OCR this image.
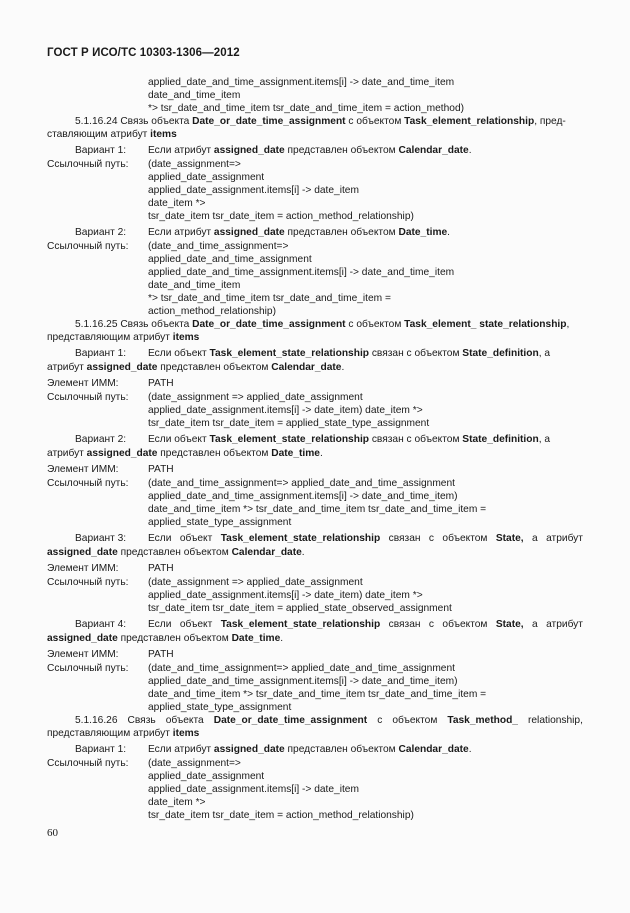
ГОСТ Р ИСО/ТС 10303-1306—2012
applied_date_and_time_assignment.items[i] -> date_and_time_item
date_and_time_item
*> tsr_date_and_time_item tsr_date_and_time_item = action_method)
5.1.16.24 Связь объекта Date_or_date_time_assignment с объектом Task_element_relationship, пред-
ставляющим атрибут items
Вариант 1: Если атрибут assigned_date представлен объектом Calendar_date.
Ссылочный путь: (date_assignment=>
applied_date_assignment
applied_date_assignment.items[i] -> date_item
date_item *>
tsr_date_item tsr_date_item = action_method_relationship)
Вариант 2: Если атрибут assigned_date представлен объектом Date_time.
Ссылочный путь: (date_and_time_assignment=>
applied_date_and_time_assignment
applied_date_and_time_assignment.items[i] -> date_and_time_item
date_and_time_item
*> tsr_date_and_time_item tsr_date_and_time_item =
action_method_relationship)
5.1.16.25 Связь объекта Date_or_date_time_assignment с объектом Task_element_ state_relationship,
представляющим атрибут items
Вариант 1: Если объект Task_element_state_relationship связан с объектом State_definition, а
атрибут assigned_date представлен объектом Calendar_date.
Элемент ИММ:	PATH
Ссылочный путь: (date_assignment => applied_date_assignment
applied_date_assignment.items[i] -> date_item) date_item *>
tsr_date_item tsr_date_item = applied_state_type_assignment
Вариант 2: Если объект Task_element_state_relationship связан с объектом State_definition, а
атрибут assigned_date представлен объектом Date_time.
Элемент ИММ:	PATH
Ссылочный путь: (date_and_time_assignment=> applied_date_and_time_assignment
applied_date_and_time_assignment.items[i] -> date_and_time_item)
date_and_time_item *> tsr_date_and_time_item tsr_date_and_time_item =
applied_state_type_assignment
Вариант 3: Если объект Task_element_state_relationship связан с объектом State, а атрибут
assigned_date представлен объектом Calendar_date.
Элемент ИММ:	PATH
Ссылочный путь: (date_assignment => applied_date_assignment
applied_date_assignment.items[i] -> date_item) date_item *>
tsr_date_item tsr_date_item = applied_state_observed_assignment
Вариант 4: Если объект Task_element_state_relationship связан с объектом State, а атрибут
assigned_date представлен объектом Date_time.
Элемент ИММ:	PATH
Ссылочный путь: (date_and_time_assignment=> applied_date_and_time_assignment
applied_date_and_time_assignment.items[i] -> date_and_time_item)
date_and_time_item *> tsr_date_and_time_item tsr_date_and_time_item =
applied_state_type_assignment
5.1.16.26 Связь объекта Date_or_date_time_assignment с объектом Task_method_ relationship,
представляющим атрибут items
Вариант 1: Если атрибут assigned_date представлен объектом Calendar_date.
Ссылочный путь: (date_assignment=>
applied_date_assignment
applied_date_assignment.items[i] -> date_item
date_item *>
tsr_date_item tsr_date_item = action_method_relationship)
60
